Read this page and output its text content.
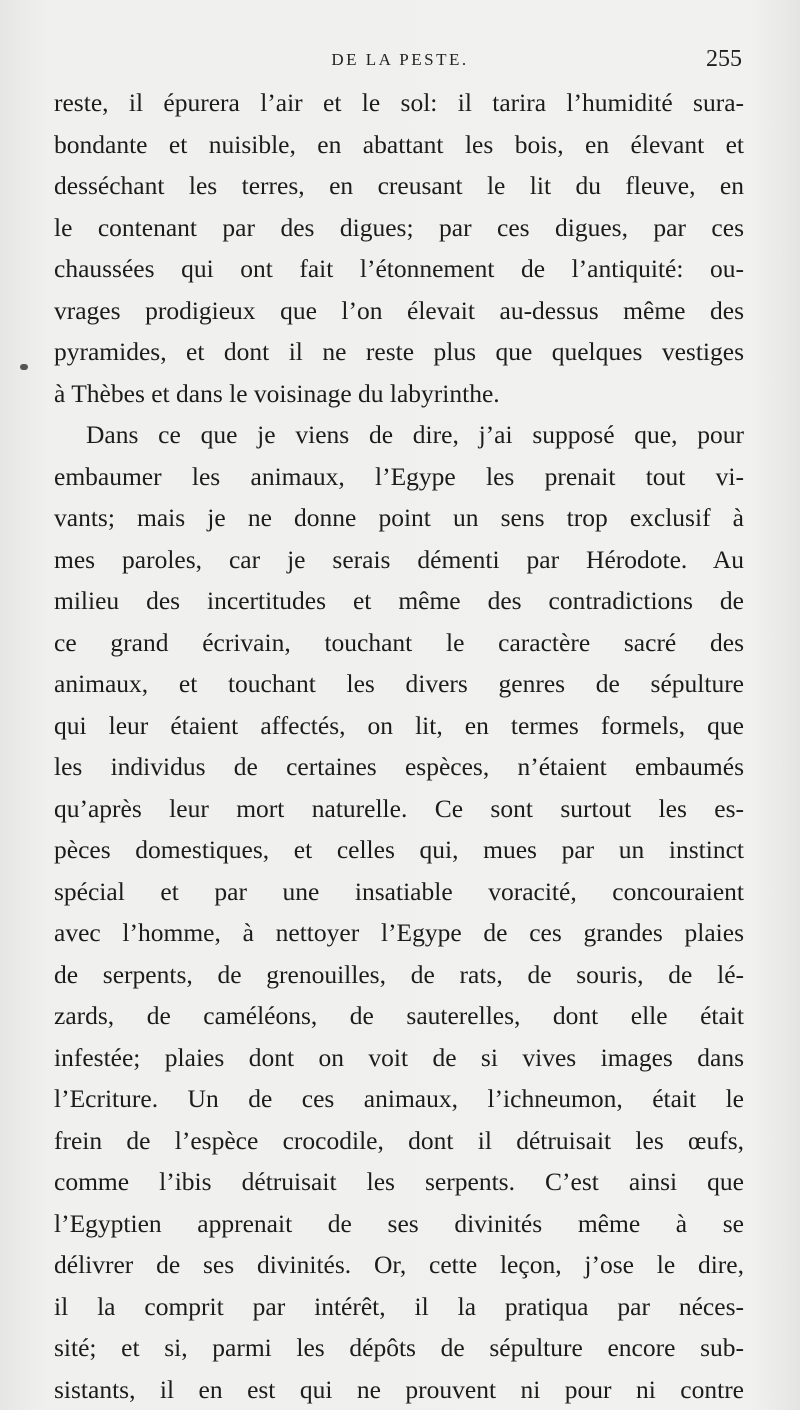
DE LA PESTE.	255
reste, il épurera l’air et le sol: il tarira l’humidité sura-
bondante et nuisible, en abattant les bois, en élevant et
desséchant les terres, en creusant le lit du fleuve, en
le contenant par des digues; par ces digues, par ces
chaussées qui ont fait l’étonnement de l’antiquité: ou-
vrages prodigieux que l’on élevait au-dessus même des
pyramides, et dont il ne reste plus que quelques vestiges
à Thèbes et dans le voisinage du labyrinthe.
Dans ce que je viens de dire, j’ai supposé que, pour
embaumer les animaux, l’Egype les prenait tout vi-
vants; mais je ne donne point un sens trop exclusif à
mes paroles, car je serais démenti par Hérodote. Au
milieu des incertitudes et même des contradictions de
ce grand écrivain, touchant le caractère sacré des
animaux, et touchant les divers genres de sépulture
qui leur étaient affectés, on lit, en termes formels, que
les individus de certaines espèces, n’étaient embaumés
qu’après leur mort naturelle. Ce sont surtout les es-
pèces domestiques, et celles qui, mues par un instinct
spécial et par une insatiable voracité, concouraient
avec l’homme, à nettoyer l’Egype de ces grandes plaies
de serpents, de grenouilles, de rats, de souris, de lé-
zards, de caméléons, de sauterelles, dont elle était
infestée; plaies dont on voit de si vives images dans
l’Ecriture. Un de ces animaux, l’ichneumon, était le
frein de l’espèce crocodile, dont il détruisait les œufs,
comme l’ibis détruisait les serpents. C’est ainsi que
l’Egyptien apprenait de ses divinités même à se
délivrer de ses divinités. Or, cette leçon, j’ose le dire,
il la comprit par intérêt, il la pratiqua par néces-
sité; et si, parmi les dépôts de sépulture encore sub-
sistants, il en est qui ne prouvent ni pour ni contre
